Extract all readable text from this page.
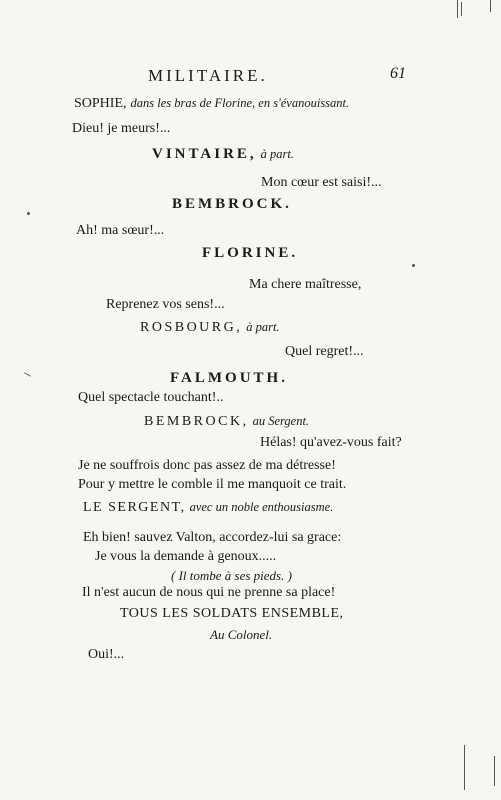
MILITAIRE.	61
SOPHIE, dans les bras de Florine, en s'évanouissant.
Dieu! je meurs!...
VINTAIRE, à part.
Mon cœur est saisi!...
BEMBROCK.
Ah! ma sœur!...
FLORINE.
Ma chere maîtresse,
Reprenez vos sens!...
ROSBOURG, à part.
Quel regret!...
FALMOUTH.
Quel spectacle touchant!..
BEMBROCK, au Sergent.
Hélas! qu'avez-vous fait?
Je ne souffrois donc pas assez de ma détresse!
Pour y mettre le comble il me manquoit ce trait.
LE SERGENT, avec un noble enthousiasme.
Eh bien! sauvez Valton, accordez-lui sa grace:
Je vous la demande à genoux.....
( Il tombe à ses pieds. )
Il n'est aucun de nous qui ne prenne sa place!
TOUS LES SOLDATS ENSEMBLE,
Au Colonel.
Oui!...
